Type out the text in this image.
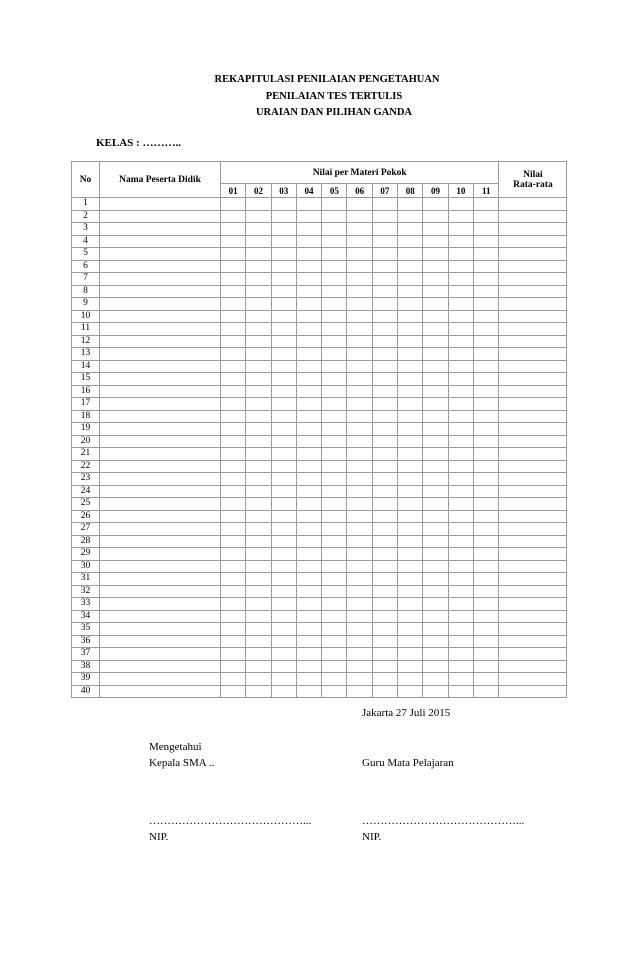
REKAPITULASI PENILAIAN PENGETAHUAN
PENILAIAN TES TERTULIS
URAIAN DAN PILIHAN GANDA
KELAS : ………..
No	Nama Peserta Didik	Nilai per Materi Pokok											Nilai
Rata-rata

		01	02	03	04	05	06	07	08	09	10	11	
1													
2													
3													
4													
5													
6													
7													
8													
9													
10													
11													
12													
13													
14													
15													
16													
17													
18													
19													
20													
21													
22													
23													
24													
25													
26													
27													
28													
29													
30													
31													
32													
33													
34													
35													
36													
37													
38													
39													
40													
Jakarta 27 Juli 2015
Mengetahui
Kepala SMA ..	Guru Mata Pelajaran
……………………………………...	……………………………………...
NIP.	NIP.
